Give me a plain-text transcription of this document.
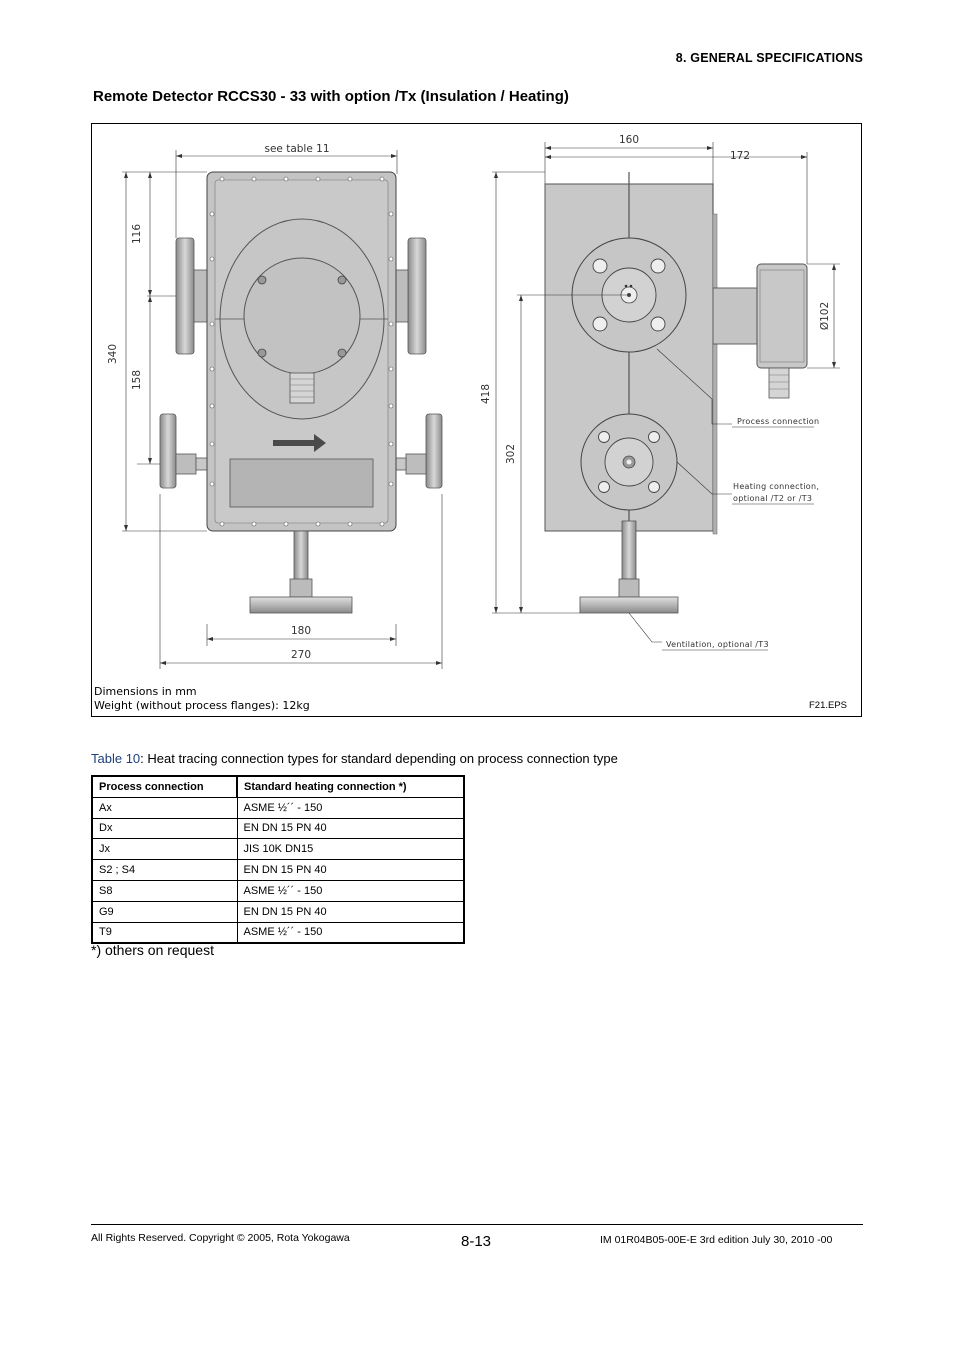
8. GENERAL SPECIFICATIONS
Remote Detector RCCS30 - 33 with option /Tx (Insulation / Heating)
see table 11
160
172
116
340
158
418
302
Ø102
180
270
Process connection
Heating connection,
optional /T2 or /T3
Ventilation, optional /T3
Dimensions in mm
Weight (without process flanges): 12kg	F21.EPS
Table 10: Heat tracing connection types for standard depending on process connection type
Process connection	Standard heating connection *)
Ax	ASME ½´´ - 150
Dx	EN DN 15 PN 40
Jx	JIS 10K DN15
S2 ; S4	EN DN 15 PN 40
S8	ASME ½´´ - 150
G9	EN DN 15 PN 40
T9	ASME ½´´ - 150
*) others on request
All Rights Reserved. Copyright © 2005, Rota Yokogawa	8-13	IM 01R04B05-00E-E 3rd edition July 30, 2010 -00
